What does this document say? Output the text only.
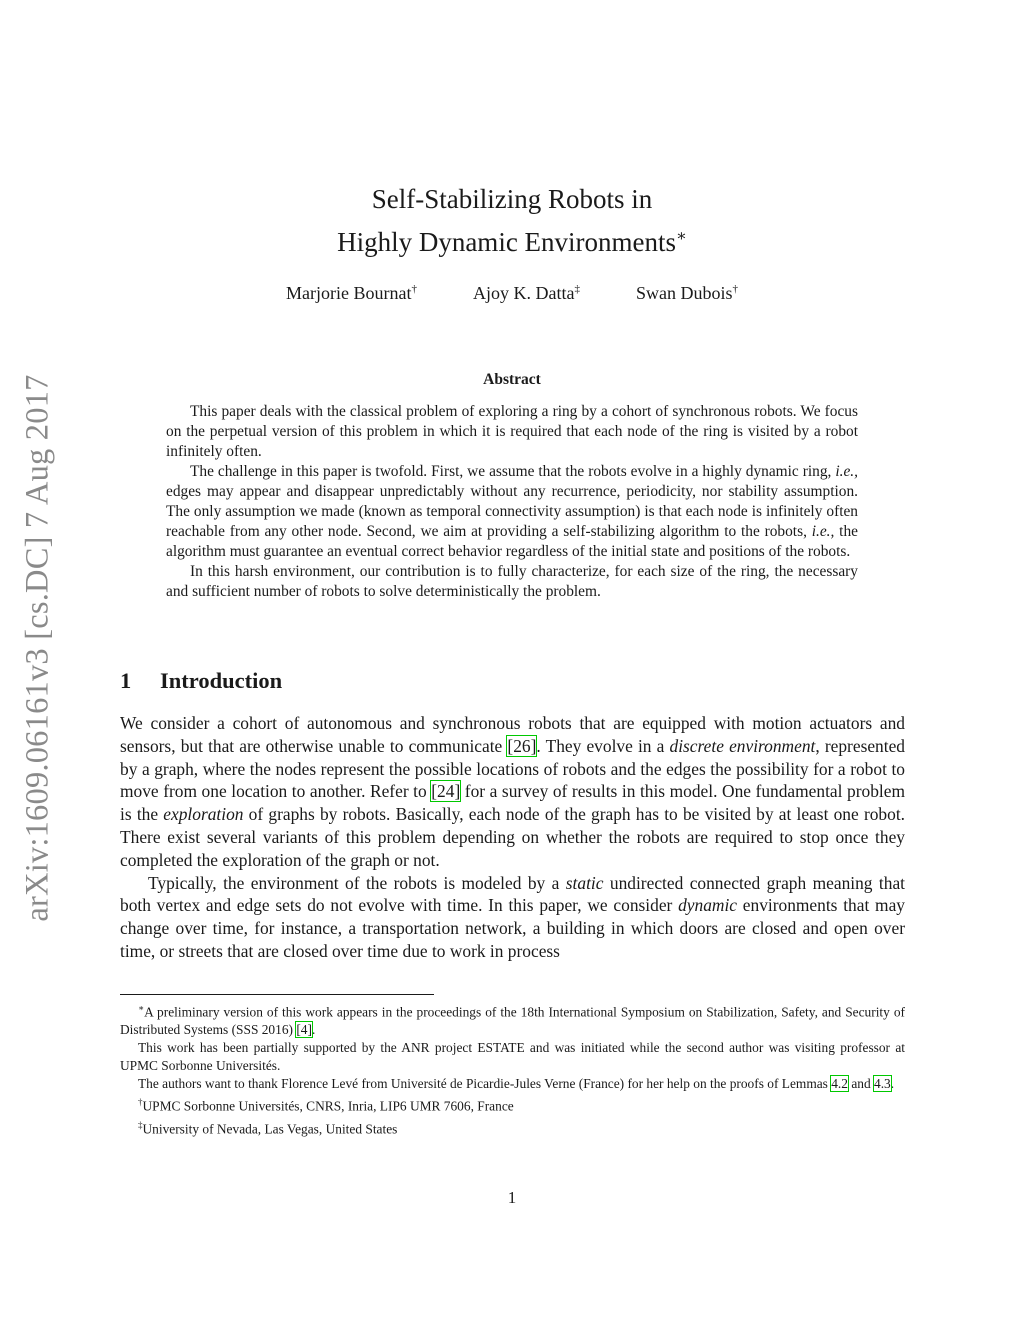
arXiv:1609.06161v3 [cs.DC] 7 Aug 2017
Self-Stabilizing Robots in
Highly Dynamic Environments∗
Marjorie Bournat†	Ajoy K. Datta‡	Swan Dubois†
Abstract

This paper deals with the classical problem of exploring a ring by a cohort of synchronous robots. We focus on the perpetual version of this problem in which it is required that each node of the ring is visited by a robot infinitely often.

The challenge in this paper is twofold. First, we assume that the robots evolve in a highly dynamic ring, i.e., edges may appear and disappear unpredictably without any recurrence, periodicity, nor stability assumption. The only assumption we made (known as temporal connectivity assumption) is that each node is infinitely often reachable from any other node. Second, we aim at providing a self-stabilizing algorithm to the robots, i.e., the algorithm must guarantee an eventual correct behavior regardless of the initial state and positions of the robots.

In this harsh environment, our contribution is to fully characterize, for each size of the ring, the necessary and sufficient number of robots to solve deterministically the problem.

1 Introduction

We consider a cohort of autonomous and synchronous robots that are equipped with motion actuators and sensors, but that are otherwise unable to communicate [26]. They evolve in a discrete environment, represented by a graph, where the nodes represent the possible locations of robots and the edges the possibility for a robot to move from one location to another. Refer to [24] for a survey of results in this model. One fundamental problem is the exploration of graphs by robots. Basically, each node of the graph has to be visited by at least one robot. There exist several variants of this problem depending on whether the robots are required to stop once they completed the exploration of the graph or not.

Typically, the environment of the robots is modeled by a static undirected connected graph meaning that both vertex and edge sets do not evolve with time. In this paper, we consider dynamic environments that may change over time, for instance, a transportation network, a building in which doors are closed and open over time, or streets that are closed over time due to work in process

∗A preliminary version of this work appears in the proceedings of the 18th International Symposium on Stabilization, Safety, and Security of Distributed Systems (SSS 2016) [4].

This work has been partially supported by the ANR project ESTATE and was initiated while the second author was visiting professor at UPMC Sorbonne Universités.

The authors want to thank Florence Levé from Université de Picardie-Jules Verne (France) for her help on the proofs of Lemmas 4.2 and 4.3.

†UPMC Sorbonne Universités, CNRS, Inria, LIP6 UMR 7606, France

‡University of Nevada, Las Vegas, United States

1
